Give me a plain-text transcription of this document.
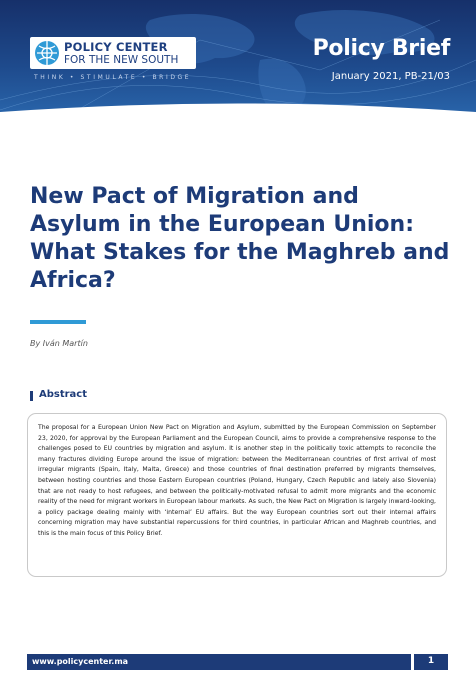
POLICY CENTER
FOR THE NEW SOUTH
THINK • STIMULATE • BRIDGE
Policy Brief
January 2021, PB-21/03
New Pact of Migration and Asylum in the European Union: What Stakes for the Maghreb and Africa?
By Iván Martín
Abstract

The proposal for a European Union New Pact on Migration and Asylum, submitted by the European Commission on September 23, 2020, for approval by the European Parliament and the European Council, aims to provide a comprehensive response to the challenges posed to EU countries by migration and asylum. It is another step in the politically toxic attempts to reconcile the many fractures dividing Europe around the issue of migration: between the Mediterranean countries of first arrival of most irregular migrants (Spain, Italy, Malta, Greece) and those countries of final destination preferred by migrants themselves, between hosting countries and those Eastern European countries (Poland, Hungary, Czech Republic and lately also Slovenia) that are not ready to host refugees, and between the politically-motivated refusal to admit more migrants and the economic reality of the need for migrant workers in European labour markets. As such, the New Pact on Migration is largely inward-looking, a policy package dealing mainly with ‘internal’ EU affairs. But the way European countries sort out their internal affairs concerning migration may have substantial repercussions for third countries, in particular African and Maghreb countries, and this is the main focus of this Policy Brief.

www.policycenter.ma	1
